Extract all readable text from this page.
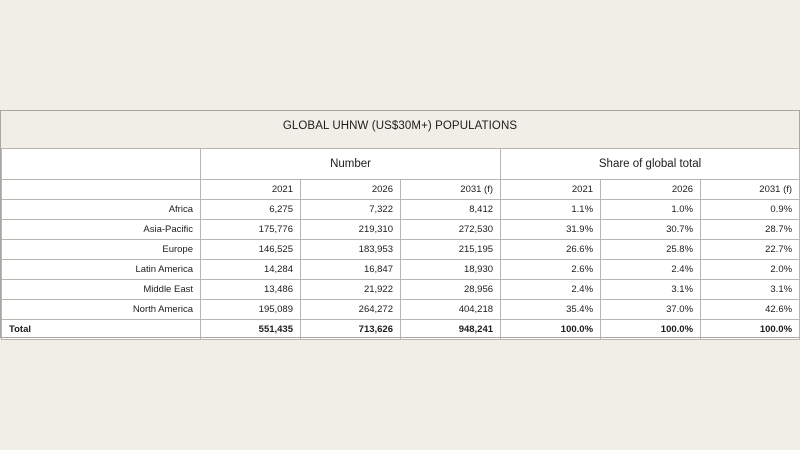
GLOBAL UHNW (US$30M+) POPULATIONS
	Number			Share of global total		
	2021	2026	2031 (f)	2021	2026	2031 (f)
Africa	6,275	7,322	8,412	1.1%	1.0%	0.9%
Asia-Pacific	175,776	219,310	272,530	31.9%	30.7%	28.7%
Europe	146,525	183,953	215,195	26.6%	25.8%	22.7%
Latin America	14,284	16,847	18,930	2.6%	2.4%	2.0%
Middle East	13,486	21,922	28,956	2.4%	3.1%	3.1%
North America	195,089	264,272	404,218	35.4%	37.0%	42.6%
Total	551,435	713,626	948,241	100.0%	100.0%	100.0%
